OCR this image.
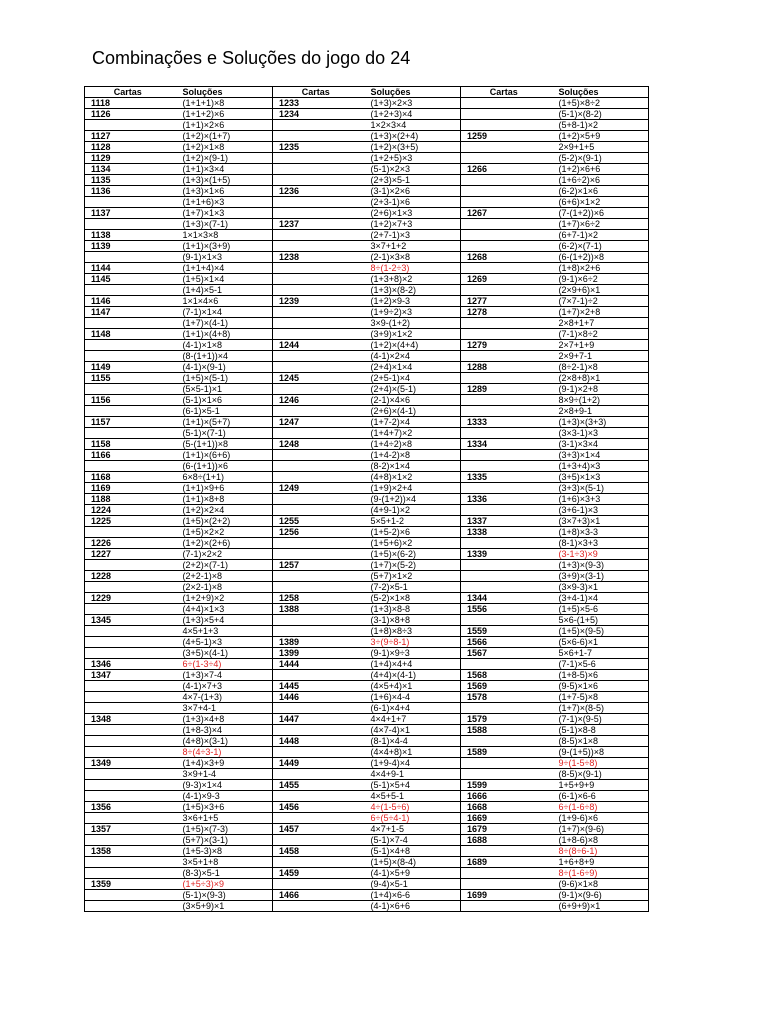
Combinações e Soluções do jogo do 24
Cartas	Soluções	Cartas	Soluções	Cartas	Soluções
1118	(1+1+1)×8	1233	(1+3)×2×3		(1+5)×8÷2
1126	(1+1+2)×6	1234	(1+2+3)×4		(5-1)×(8-2)
	(1+1)×2×6		1×2×3×4		(5+8-1)×2
1127	(1+2)×(1+7)		(1+3)×(2+4)	1259	(1+2)×5+9
1128	(1+2)×1×8	1235	(1+2)×(3+5)		2×9+1+5
1129	(1+2)×(9-1)		(1+2+5)×3		(5-2)×(9-1)
1134	(1+1)×3×4		(5-1)×2×3	1266	(1+2)×6+6
1135	(1+3)×(1+5)		(2+3)×5-1		(1+6÷2)×6
1136	(1+3)×1×6	1236	(3-1)×2×6		(6-2)×1×6
	(1+1+6)×3		(2+3-1)×6		(6+6)×1×2
1137	(1+7)×1×3		(2+6)×1×3	1267	(7-(1+2))×6
	(1+3)×(7-1)	1237	(1+2)×7+3		(1+7)×6÷2
1138	1×1×3×8		(2+7-1)×3		(6+7-1)×2
1139	(1+1)×(3+9)		3×7+1+2		(6-2)×(7-1)
	(9-1)×1×3	1238	(2-1)×3×8	1268	(6-(1+2))×8
1144	(1+1+4)×4		8÷(1-2÷3)		(1+8)×2+6
1145	(1+5)×1×4		(1+3+8)×2	1269	(9-1)×6÷2
	(1+4)×5-1		(1+3)×(8-2)		(2×9+6)×1
1146	1×1×4×6	1239	(1+2)×9-3	1277	(7×7-1)÷2
1147	(7-1)×1×4		(1+9÷2)×3	1278	(1+7)×2+8
	(1+7)×(4-1)		3×9-(1+2)		2×8+1+7
1148	(1+1)×(4+8)		(3+9)×1×2		(7-1)×8÷2
	(4-1)×1×8	1244	(1+2)×(4+4)	1279	2×7+1+9
	(8-(1+1))×4		(4-1)×2×4		2×9+7-1
1149	(4-1)×(9-1)		(2+4)×1×4	1288	(8÷2-1)×8
1155	(1+5)×(5-1)	1245	(2+5-1)×4		(2×8+8)×1
	(5×5-1)×1		(2+4)×(5-1)	1289	(9-1)×2+8
1156	(5-1)×1×6	1246	(2-1)×4×6		8×9÷(1+2)
	(6-1)×5-1		(2+6)×(4-1)		2×8+9-1
1157	(1+1)×(5+7)	1247	(1+7-2)×4	1333	(1+3)×(3+3)
	(5-1)×(7-1)		(1+4+7)×2		(3×3-1)×3
1158	(5-(1+1))×8	1248	(1+4÷2)×8	1334	(3-1)×3×4
1166	(1+1)×(6+6)		(1+4-2)×8		(3+3)×1×4
	(6-(1+1))×6		(8-2)×1×4		(1+3+4)×3
1168	6×8÷(1+1)		(4+8)×1×2	1335	(3+5)×1×3
1169	(1+1)×9+6	1249	(1+9)×2+4		(3+3)×(5-1)
1188	(1+1)×8+8		(9-(1+2))×4	1336	(1+6)×3+3
1224	(1+2)×2×4		(4+9-1)×2		(3+6-1)×3
1225	(1+5)×(2+2)	1255	5×5+1-2	1337	(3×7+3)×1
	(1+5)×2×2	1256	(1+5-2)×6	1338	(1+8)×3-3
1226	(1+2)×(2+6)		(1+5+6)×2		(8-1)×3+3
1227	(7-1)×2×2		(1+5)×(6-2)	1339	(3-1÷3)×9
	(2+2)×(7-1)	1257	(1+7)×(5-2)		(1+3)×(9-3)
1228	(2+2-1)×8		(5+7)×1×2		(3+9)×(3-1)
	(2×2-1)×8		(7-2)×5-1		(3×9-3)×1
1229	(1+2+9)×2	1258	(5-2)×1×8	1344	(3+4-1)×4
	(4+4)×1×3	1388	(1+3)×8-8	1556	(1+5)×5-6
1345	(1+3)×5+4		(3-1)×8+8		5×6-(1+5)
	4×5+1+3		(1+8)×8÷3	1559	(1+5)×(9-5)
	(4+5-1)×3	1389	3÷(9÷8-1)	1566	(5×6-6)×1
	(3+5)×(4-1)	1399	(9-1)×9÷3	1567	5×6+1-7
1346	6÷(1-3÷4)	1444	(1+4)×4+4		(7-1)×5-6
1347	(1+3)×7-4		(4+4)×(4-1)	1568	(1+8-5)×6
	(4-1)×7+3	1445	(4×5+4)×1	1569	(9-5)×1×6
	4×7-(1+3)	1446	(1+6)×4-4	1578	(1+7-5)×8
	3×7+4-1		(6-1)×4+4		(1+7)×(8-5)
1348	(1+3)×4+8	1447	4×4+1+7	1579	(7-1)×(9-5)
	(1+8-3)×4		(4×7-4)×1	1588	(5-1)×8-8
	(4+8)×(3-1)	1448	(8-1)×4-4		(8-5)×1×8
	8÷(4÷3-1)		(4×4+8)×1	1589	(9-(1+5))×8
1349	(1+4)×3+9	1449	(1+9-4)×4		9÷(1-5÷8)
	3×9+1-4		4×4+9-1		(8-5)×(9-1)
	(9-3)×1×4	1455	(5-1)×5+4	1599	1+5+9+9
	(4-1)×9-3		4×5+5-1	1666	(6-1)×6-6
1356	(1+5)×3+6	1456	4÷(1-5÷6)	1668	6÷(1-6÷8)
	3×6+1+5		6÷(5÷4-1)	1669	(1+9-6)×6
1357	(1+5)×(7-3)	1457	4×7+1-5	1679	(1+7)×(9-6)
	(5+7)×(3-1)		(5-1)×7-4	1688	(1+8-6)×8
1358	(1+5-3)×8	1458	(5-1)×4+8		8÷(8÷6-1)
	3×5+1+8		(1+5)×(8-4)	1689	1+6+8+9
	(8-3)×5-1	1459	(4-1)×5+9		8÷(1-6÷9)
1359	(1+5÷3)×9		(9-4)×5-1		(9-6)×1×8
	(5-1)×(9-3)	1466	(1+4)×6-6	1699	(9-1)×(9-6)
	(3×5+9)×1		(4-1)×6+6		(6+9+9)×1
